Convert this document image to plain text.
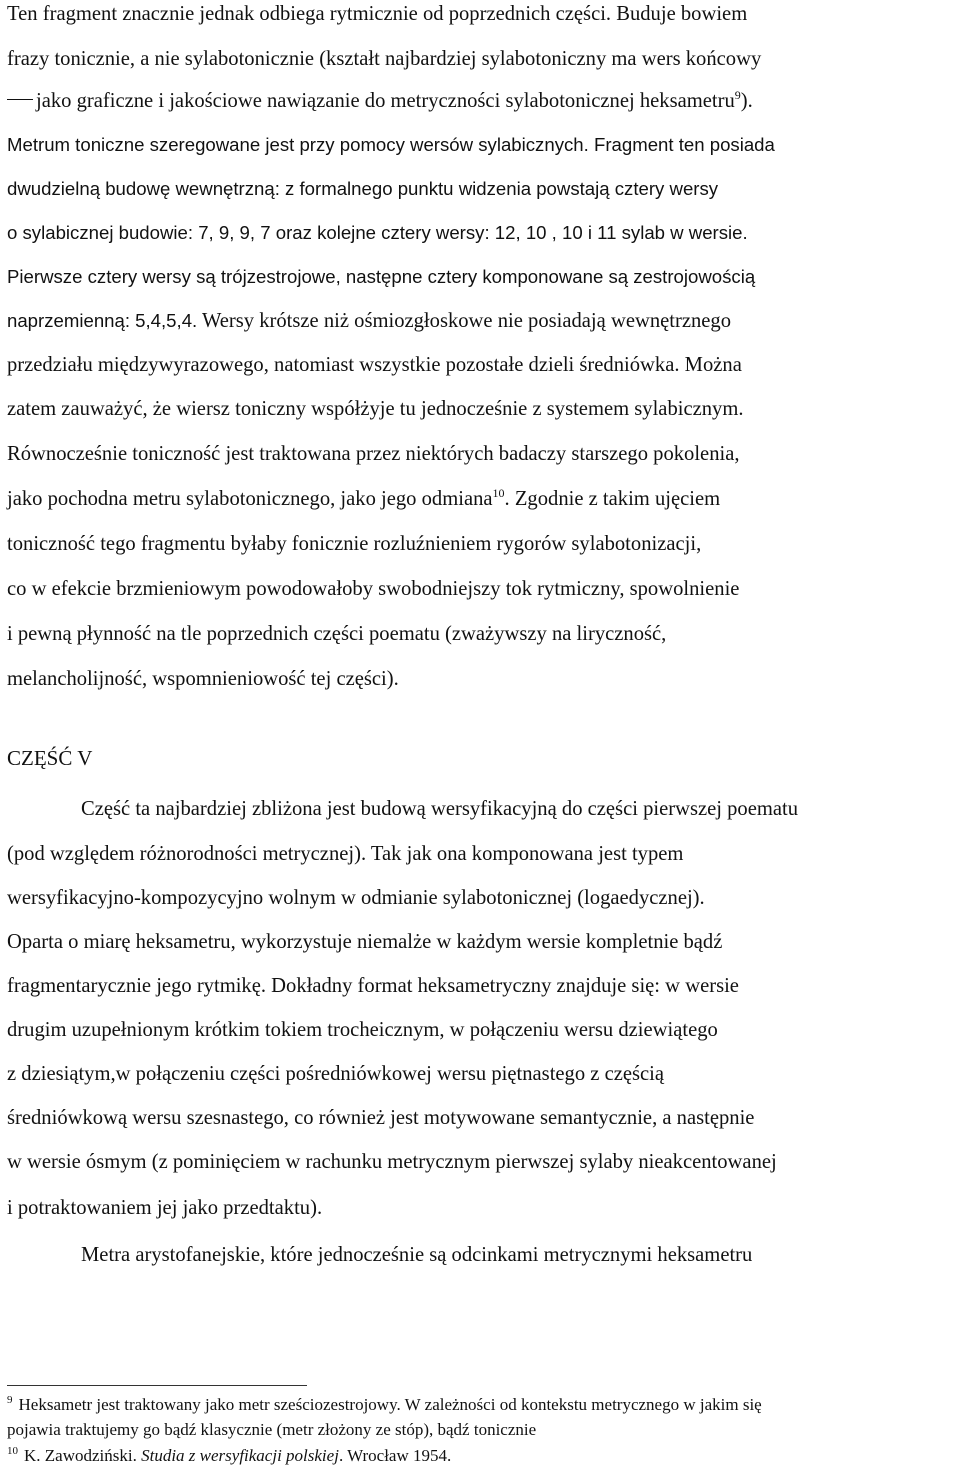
Ten fragment znacznie jednak odbiega rytmicznie od poprzednich części. Buduje bowiem
frazy tonicznie, a nie sylabotonicznie (kształt najbardziej sylabotoniczny ma wers końcowy
jako graficzne i jakościowe nawiązanie do metryczności sylabotonicznej heksametru$^9$).
Metrum toniczne szeregowane jest przy pomocy wersów sylabicznych. Fragment ten posiada
dwudzielną budowę wewnętrzną: z formalnego punktu widzenia powstają cztery wersy
o sylabicznej budowie: 7, 9, 9, 7 oraz kolejne cztery wersy: 12, 10 , 10 i 11 sylab w wersie.
Pierwsze cztery wersy są trójzestrojowe, następne cztery komponowane są zestrojowością
naprzemienną: 5,4,5,4. Wersy krótsze niż ośmiozgłoskowe nie posiadają wewnętrznego
przedziału międzywyrazowego, natomiast wszystkie pozostałe dzieli średniówka. Można
zatem zauważyć, że wiersz toniczny współżyje tu jednocześnie z systemem sylabicznym.
Równocześnie toniczność jest traktowana przez niektórych badaczy starszego pokolenia,
jako pochodna metru sylabotonicznego, jako jego odmiana$^{10}$. Zgodnie z takim ujęciem
toniczność tego fragmentu byłaby fonicznie rozluźnieniem rygorów sylabotonizacji,
co w efekcie brzmieniowym powodowałoby swobodniejszy tok rytmiczny, spowolnienie
i pewną płynność na tle poprzednich części poematu (zważywszy na liryczność,
melancholijność, wspomnieniowość tej części).
CZĘŚĆ V
Część ta najbardziej zbliżona jest budową wersyfikacyjną do części pierwszej poematu
(pod względem różnorodności metrycznej). Tak jak ona komponowana jest typem
wersyfikacyjno-kompozycyjno wolnym w odmianie sylabotonicznej (logaedycznej).
Oparta o miarę heksametru, wykorzystuje niemalże w każdym wersie kompletnie bądź
fragmentarycznie jego rytmikę. Dokładny format heksametryczny znajduje się: w wersie
drugim uzupełnionym krótkim tokiem trocheicznym, w połączeniu wersu dziewiątego
z dziesiątym,w połączeniu części pośredniówkowej wersu piętnastego z częścią
średniówkową wersu szesnastego, co również jest motywowane semantycznie, a następnie
w wersie ósmym (z pominięciem w rachunku metrycznym pierwszej sylaby nieakcentowanej
i potraktowaniem jej jako przedtaktu).
Metra arystofanejskie, które jednocześnie są odcinkami metrycznymi heksametru
$^9$ Heksametr jest traktowany jako metr sześciozestrojowy. W zależności od kontekstu metrycznego w jakim się
pojawia traktujemy go bądź klasycznie (metr złożony ze stóp), bądź tonicznie
$^{10}$ K. Zawodziński. Studia z wersyfikacji polskiej. Wrocław 1954.
